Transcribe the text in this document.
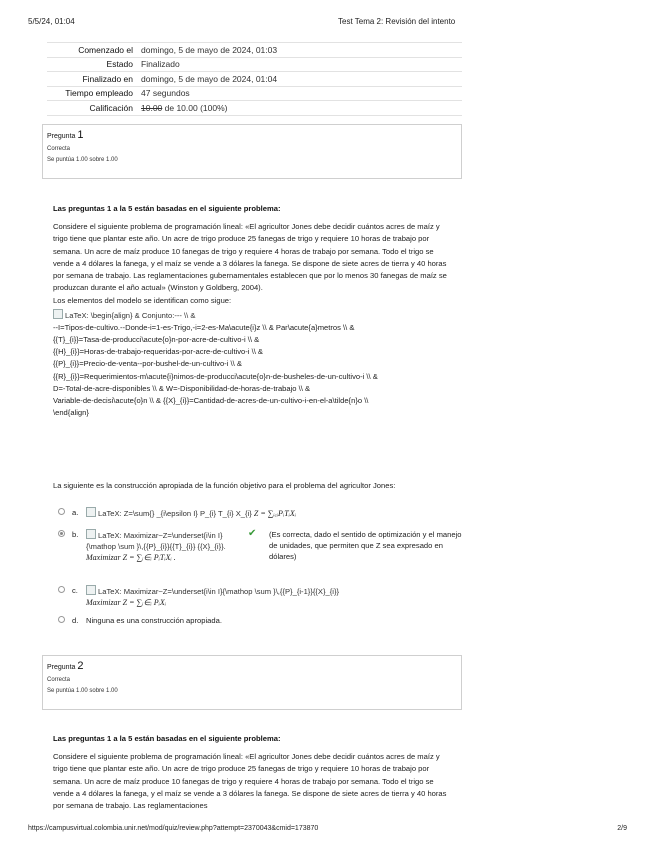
5/5/24, 01:04	Test Tema 2: Revisión del intento
Comenzado el	domingo, 5 de mayo de 2024, 01:03
Estado	Finalizado
Finalizado en	domingo, 5 de mayo de 2024, 01:04
Tiempo empleado	47 segundos
Calificación	10.00 de 10.00 (100%)
Pregunta 1
Correcta
Se puntúa 1.00 sobre 1.00
Las preguntas 1 a la 5 están basadas en el siguiente problema:

Considere el siguiente problema de programación lineal: «El agricultor Jones debe decidir cuántos acres de maíz y trigo tiene que plantar este año. Un acre de trigo produce 25 fanegas de trigo y requiere 10 horas de trabajo por semana. Un acre de maíz produce 10 fanegas de trigo y requiere 4 horas de trabajo por semana. Todo el trigo se vende a 4 dólares la fanega, y el maíz se vende a 3 dólares la fanega. Se dispone de siete acres de tierra y 40 horas por semana de trabajo. Las reglamentaciones gubernamentales establecen que por lo menos 30 fanegas de maíz se produzcan durante el año actual» (Winston y Goldberg, 2004).

Los elementos del modelo se identifican como sigue:

LaTeX: \begin{align} & Conjunto:--- \\ &
--I=Tipos-de-cultivo.--Donde-i=1-es-Trigo,-i=2-es-Ma\acute{i}z \\ & Par\acute{a}metros \\ &
{{T}_{i}}=Tasa-de-producci\acute{o}n-por-acre-de-cultivo-i \\ &
{{H}_{i}}=Horas-de-trabajo-requeridas-por-acre-de-cultivo-i \\ &
{{P}_{i}}=Precio-de-venta--por-bushel-de-un-cultivo-i \\ &
{{R}_{i}}=Requerimientos-m\acute{i}nimos-de-producci\acute{o}n-de-busheles-de-un-cultivo-i \\ &
D=-Total-de-acre-disponibles \\ & W=-Disponibilidad-de-horas-de-trabajo \\ &
Variable-de-decisi\acute{o}n \\ & {{X}_{i}}=Cantidad-de-acres-de-un-cultivo-i-en-el-a\tilde{n}o \\
\end{align}
La siguiente es la construcción apropiada de la función objetivo para el problema del agricultor Jones:
a.	LaTeX: Z=\sum{} _{i\epsilon I} P_{i} T_{i} X_{i} Z = ∑ᵢₑᵢPᵢTᵢXᵢ
b.	LaTeX: Maximizar~Z=\underset{i\in I} {\mathop \sum }\,{{P}_{i}}{{T}_{i}} {{X}_{i}}.
Maximizar Z = ∑ᵢ∈ᵢ PᵢTᵢXᵢ .
✔ (Es correcta, dado el sentido de optimización y el manejo de unidades, que permiten que Z sea expresado en dólares)
c.	LaTeX: Maximizar~Z=\underset{i\in I}{\mathop \sum }\,{{P}_{i-1}}{{X}_{i}}
Maximizar Z = ∑ᵢ∈ᵢ PᵢXᵢ
d. Ninguna es una construcción apropiada.
Pregunta 2
Correcta
Se puntúa 1.00 sobre 1.00
Las preguntas 1 a la 5 están basadas en el siguiente problema:

Considere el siguiente problema de programación lineal: «El agricultor Jones debe decidir cuántos acres de maíz y trigo tiene que plantar este año. Un acre de trigo produce 25 fanegas de trigo y requiere 10 horas de trabajo por semana. Un acre de maíz produce 10 fanegas de trigo y requiere 4 horas de trabajo por semana. Todo el trigo se vende a 4 dólares la fanega, y el maíz se vende a 3 dólares la fanega. Se dispone de siete acres de tierra y 40 horas por semana de trabajo. Las reglamentaciones

https://campusvirtual.colombia.unir.net/mod/quiz/review.php?attempt=2370043&cmid=173870	2/9
